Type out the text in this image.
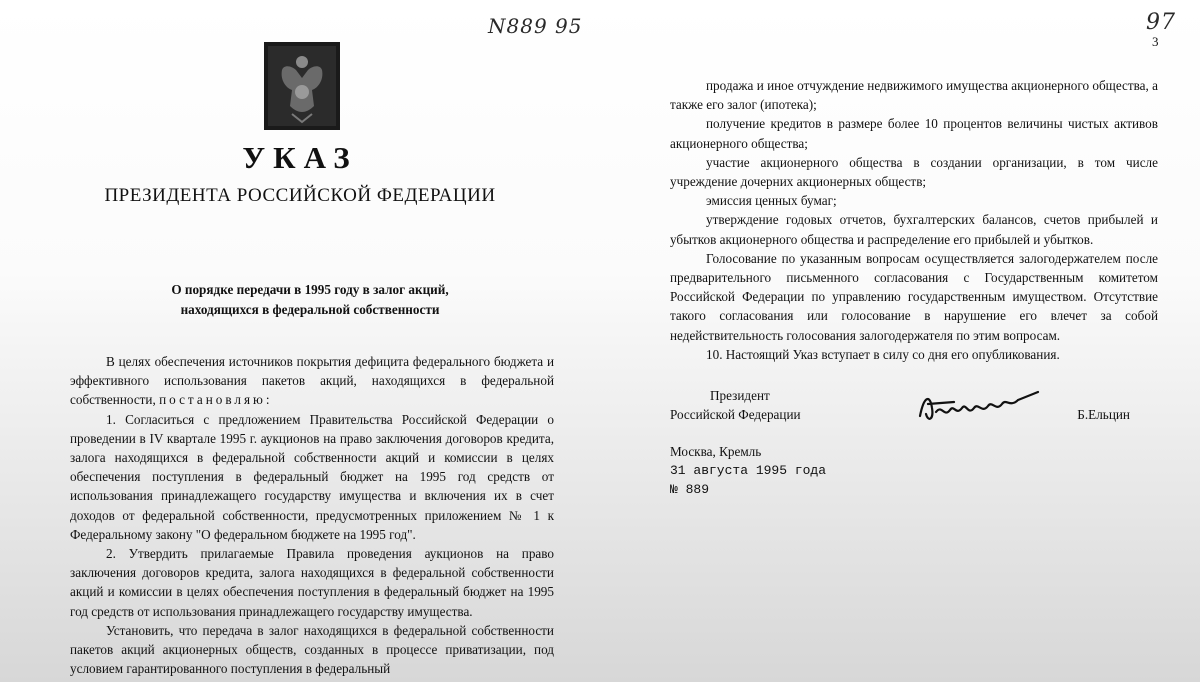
N889 95
УКАЗ
ПРЕЗИДЕНТА РОССИЙСКОЙ ФЕДЕРАЦИИ
О порядке передачи в 1995 году в залог акций,
находящихся в федеральной собственности

В целях обеспечения источников покрытия дефицита федерального бюджета и эффективного использования пакетов акций, находящихся в федеральной собственности, постановляю:

1. Согласиться с предложением Правительства Российской Федерации о проведении в IV квартале 1995 г. аукционов на право заключения договоров кредита, залога находящихся в федеральной собственности акций и комиссии в целях обеспечения поступления в федеральный бюджет на 1995 год средств от использования принадлежащего государству имущества и включения их в счет доходов от федеральной собственности, предусмотренных приложением № 1 к Федеральному закону "О федеральном бюджете на 1995 год".

2. Утвердить прилагаемые Правила проведения аукционов на право заключения договоров кредита, залога находящихся в федеральной собственности акций и комиссии в целях обеспечения поступления в федеральный бюджет на 1995 год средств от использования принадлежащего государству имущества.

Установить, что передача в залог находящихся в федеральной собственности пакетов акций акционерных обществ, созданных в процессе приватизации, под условием гарантированного поступления в федеральный

97
3

продажа и иное отчуждение недвижимого имущества акционерного общества, а также его залог (ипотека);

получение кредитов в размере более 10 процентов величины чистых активов акционерного общества;

участие акционерного общества в создании организации, в том числе учреждение дочерних акционерных обществ;

эмиссия ценных бумаг;

утверждение годовых отчетов, бухгалтерских балансов, счетов прибылей и убытков акционерного общества и распределение его прибылей и убытков.

Голосование по указанным вопросам осуществляется залогодержателем после предварительного письменного согласования с Государственным комитетом Российской Федерации по управлению государственным имуществом. Отсутствие такого согласования или голосование в нарушение его влечет за собой недействительность голосования залогодержателя по этим вопросам.

10. Настоящий Указ вступает в силу со дня его опубликования.

Президент
Российской Федерации	Б.Ельцин
Москва, Кремль
31 августа 1995 года
№ 889
